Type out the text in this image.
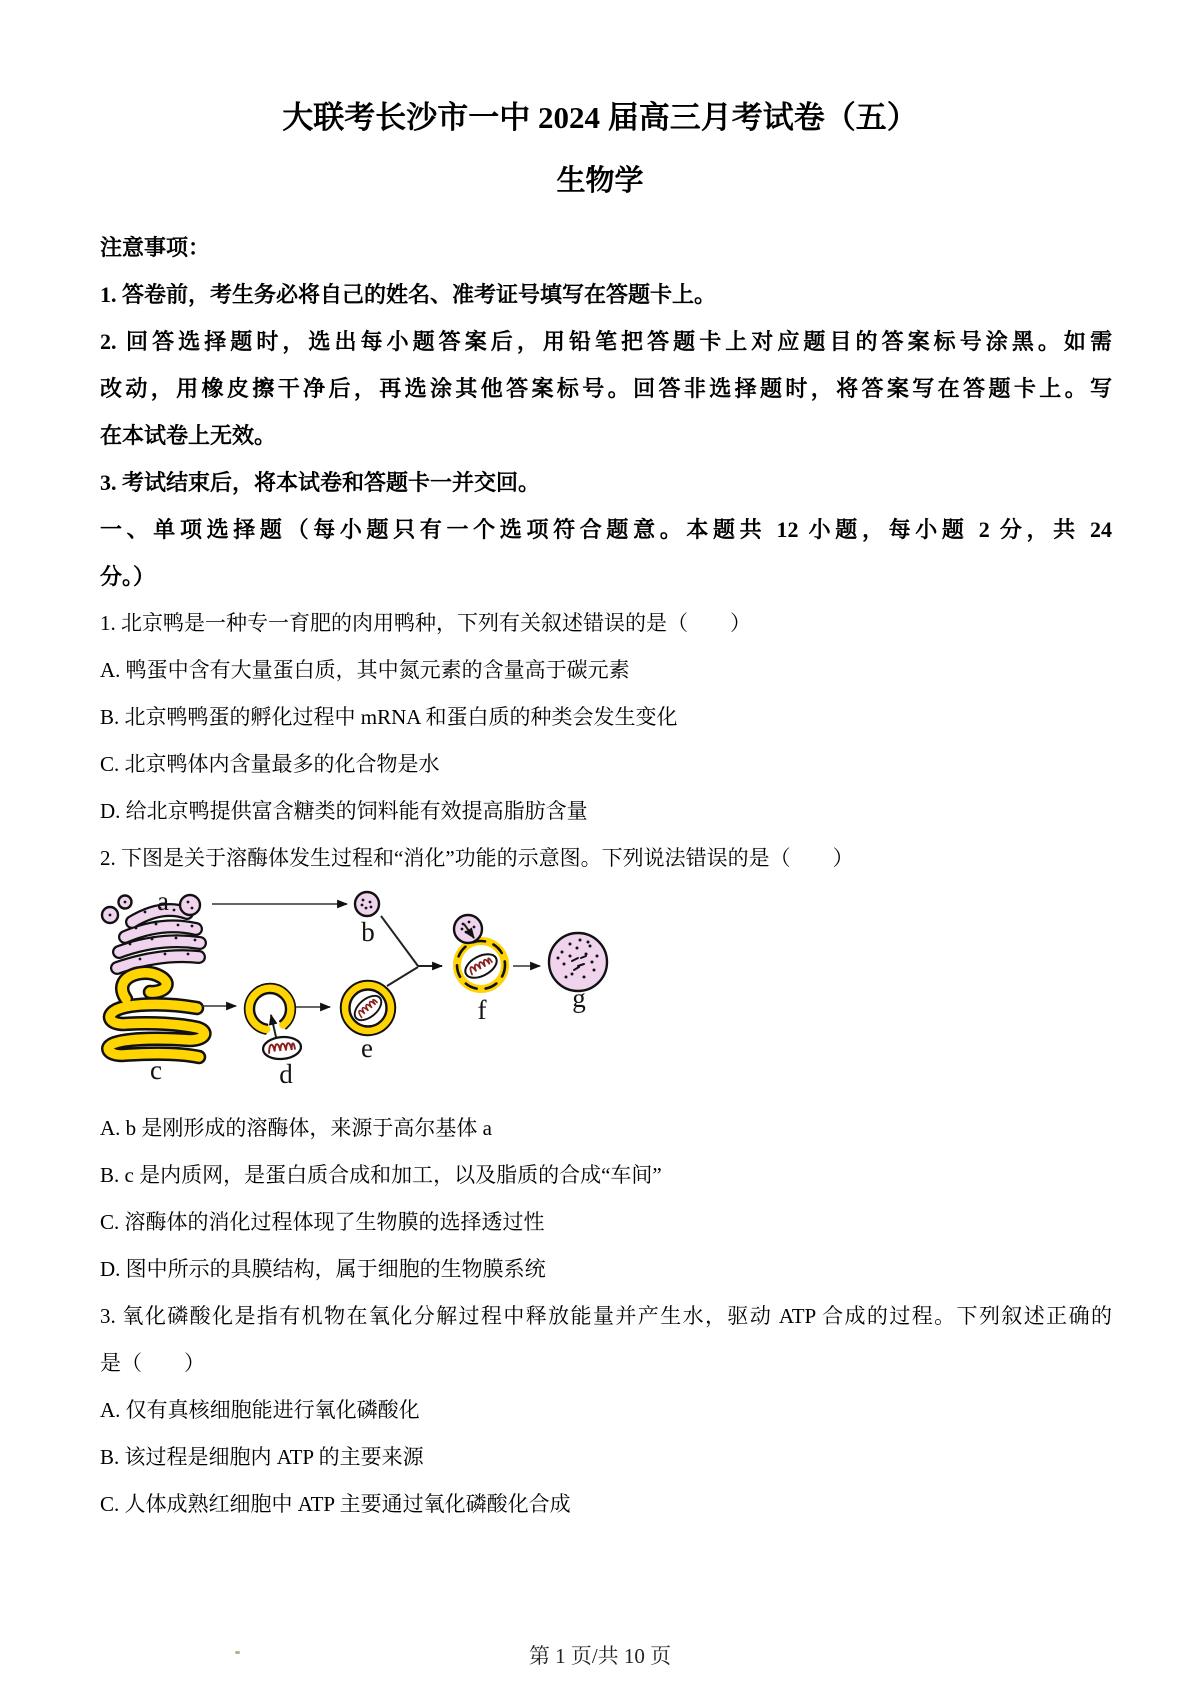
大联考长沙市一中 2024 届高三月考试卷（五）
生物学

注意事项：

1. 答卷前，考生务必将自己的姓名、准考证号填写在答题卡上。

2. 回答选择题时，选出每小题答案后，用铅笔把答题卡上对应题目的答案标号涂黑。如需

改动，用橡皮擦干净后，再选涂其他答案标号。回答非选择题时，将答案写在答题卡上。写

在本试卷上无效。

3. 考试结束后，将本试卷和答题卡一并交回。

一、单项选择题（每小题只有一个选项符合题意。本题共 12 小题，每小题 2 分，共 24

分。）

1. 北京鸭是一种专一育肥的肉用鸭种，下列有关叙述错误的是（　　）

A. 鸭蛋中含有大量蛋白质，其中氮元素的含量高于碳元素

B. 北京鸭鸭蛋的孵化过程中 mRNA 和蛋白质的种类会发生变化

C. 北京鸭体内含量最多的化合物是水

D. 给北京鸭提供富含糖类的饲料能有效提高脂肪含量

2. 下图是关于溶酶体发生过程和“消化”功能的示意图。下列说法错误的是（　　）

a
c
b
d
e
f	g

A. b 是刚形成的溶酶体，来源于高尔基体 a

B. c 是内质网，是蛋白质合成和加工，以及脂质的合成“车间”

C. 溶酶体的消化过程体现了生物膜的选择透过性

D. 图中所示的具膜结构，属于细胞的生物膜系统

3. 氧化磷酸化是指有机物在氧化分解过程中释放能量并产生水，驱动 ATP 合成的过程。下列叙述正确的

是（　　）

A. 仅有真核细胞能进行氧化磷酸化

B. 该过程是细胞内 ATP 的主要来源

C. 人体成熟红细胞中 ATP 主要通过氧化磷酸化合成

第 1 页/共 10 页
